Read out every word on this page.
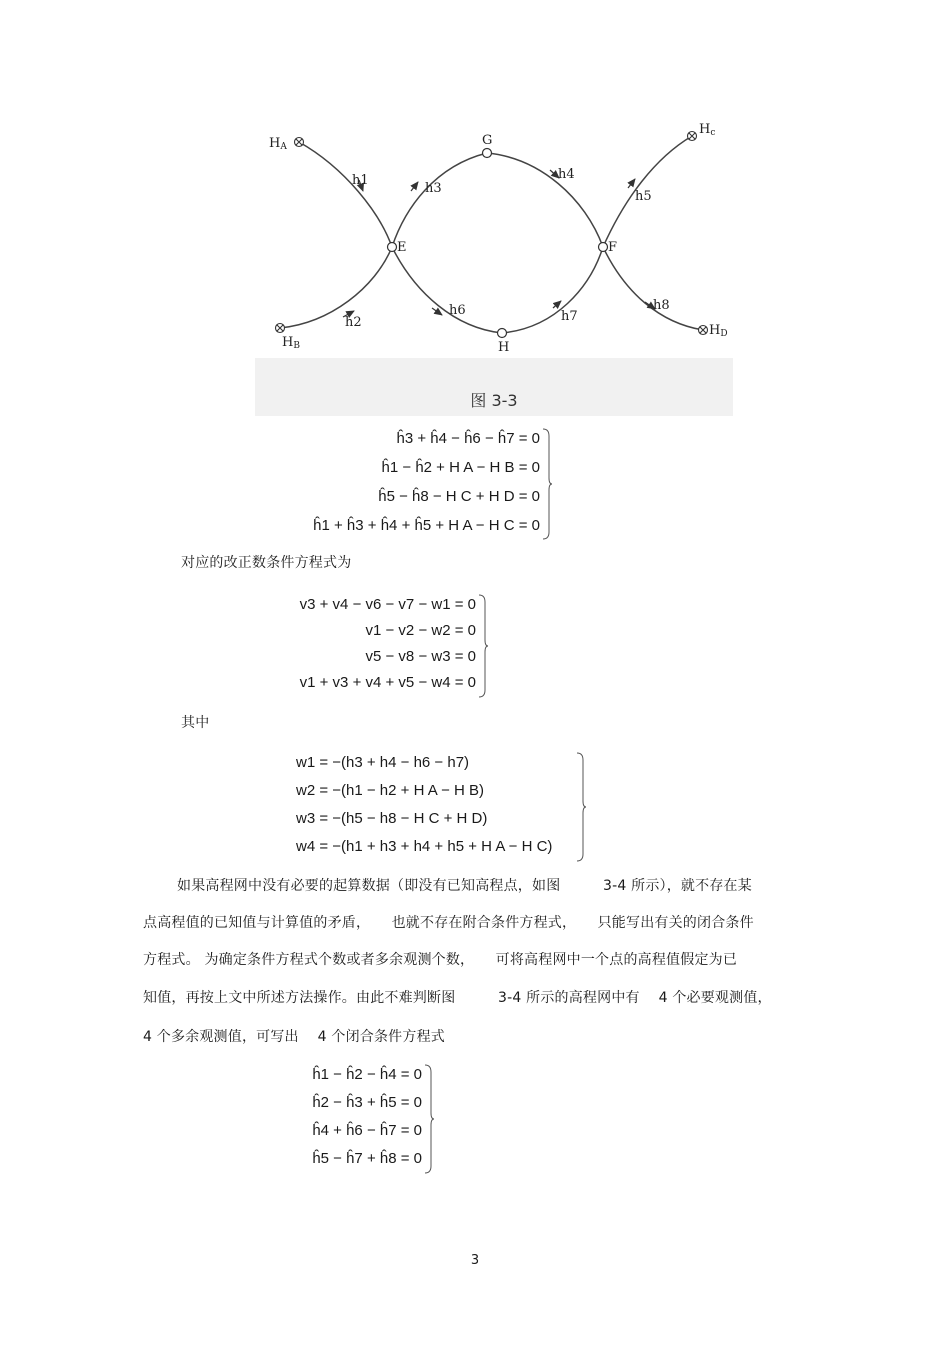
HA
HB
Hc
HD
E	F
G
H
h1
h2
h3
h4
h5
h6	h7
h8
图 3-3
ĥ3 + ĥ4 − ĥ6 − ĥ7 = 0
ĥ1 − ĥ2 + H A − H B = 0
ĥ5 − ĥ8 − H C + H D = 0
ĥ1 + ĥ3 + ĥ4 + ĥ5 + H A − H C = 0
对应的改正数条件方程式为
v3 + v4 − v6 − v7 − w1 = 0
v1 − v2 − w2 = 0
v5 − v8 − w3 = 0
v1 + v3 + v4 + v5 − w4 = 0
其中
w1 = −(h3 + h4 − h6 − h7)
w2 = −(h1 − h2 + H A − H B)
w3 = −(h5 − h8 − H C + H D)
w4 = −(h1 + h3 + h4 + h5 + H A − H C)
如果高程网中没有必要的起算数据（即没有已知高程点，如图　　　3-4 所示），就不存在某
点高程值的已知值与计算值的矛盾，　　也就不存在附合条件方程式，　　只能写出有关的闭合条件
方程式。 为确定条件方程式个数或者多余观测个数，　　可将高程网中一个点的高程值假定为已
知值，再按上文中所述方法操作。由此不难判断图　　　3-4 所示的高程网中有　 4 个必要观测值，
4 个多余观测值，可写出　 4 个闭合条件方程式
ĥ1 − ĥ2 − ĥ4 = 0
ĥ2 − ĥ3 + ĥ5 = 0
ĥ4 + ĥ6 − ĥ7 = 0
ĥ5 − ĥ7 + ĥ8 = 0
3
